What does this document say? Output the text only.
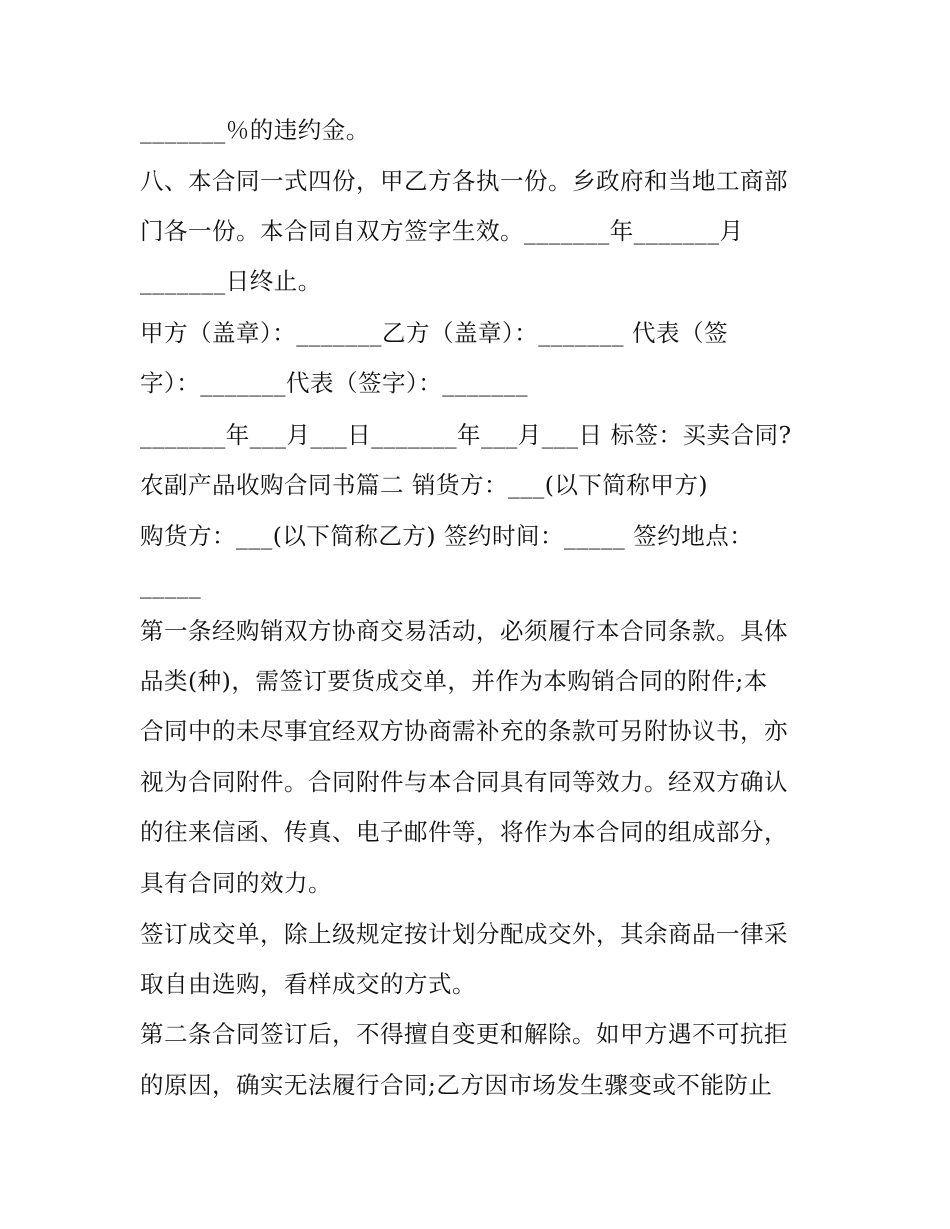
_______％的违约金。
八、本合同一式四份，甲乙方各执一份。乡政府和当地工商部
门各一份。本合同自双方签字生效。_______年_______月
_______日终止。
甲方（盖章）：_______乙方（盖章）：_______ 代表（签
字）：_______代表（签字）：_______
_______年___月___日_______年___月___日 标签：买卖合同?
农副产品收购合同书篇二 销货方：___(以下简称甲方)
购货方：___(以下简称乙方) 签约时间：_____ 签约地点：
_____
第一条经购销双方协商交易活动，必须履行本合同条款。具体
品类(种)，需签订要货成交单，并作为本购销合同的附件;本
合同中的未尽事宜经双方协商需补充的条款可另附协议书，亦
视为合同附件。合同附件与本合同具有同等效力。经双方确认
的往来信函、传真、电子邮件等，将作为本合同的组成部分，
具有合同的效力。
签订成交单，除上级规定按计划分配成交外，其余商品一律采
取自由选购，看样成交的方式。
第二条合同签订后，不得擅自变更和解除。如甲方遇不可抗拒
的原因，确实无法履行合同;乙方因市场发生骤变或不能防止
